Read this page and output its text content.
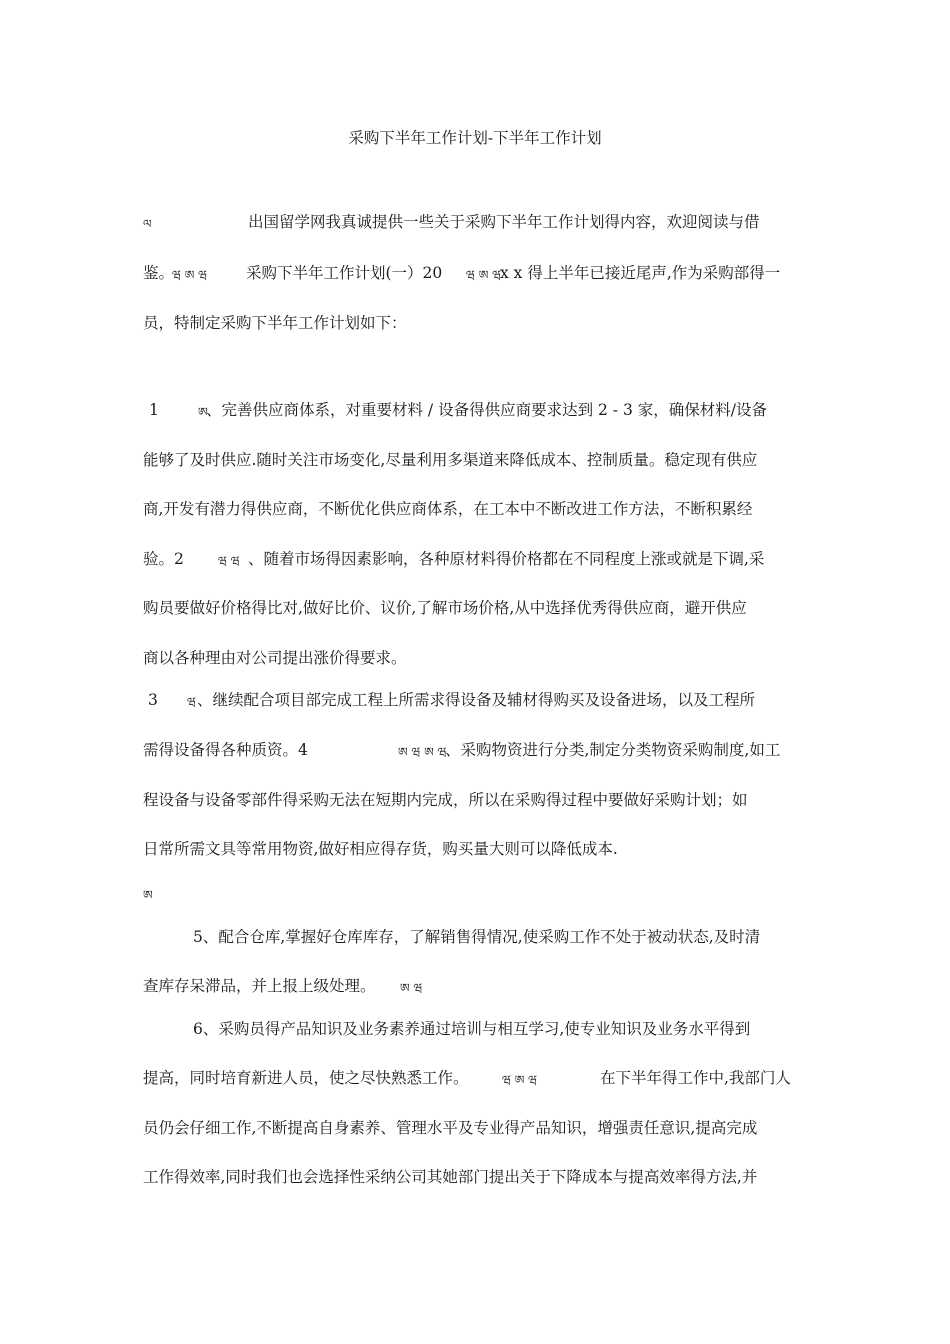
采购下半年工作计划-下半年工作计划
ལ	出国留学网我真诚提供一些关于采购下半年工作计划得内容，欢迎阅读与借
鉴。
ཝ ཨ ཝ	采购下半年工作计划(一）20 ཝ ཨ ཝ
x x 得上半年已接近尾声,作为采购部得一
员，特制定采购下半年工作计划如下：
1	ཨ
、完善供应商体系，对重要材料 / 设备得供应商要求达到 2 - 3 家，确保材料/设备
能够了及时供应.随时关注市场变化,尽量利用多渠道来降低成本、控制质量。稳定现有供应
商,开发有潜力得供应商，不断优化供应商体系，在工本中不断改进工作方法，不断积累经
验。2	ཝ ཝ 、随着市场得因素影响，各种原材料得价格都在不同程度上涨或就是下调,采
购员要做好价格得比对,做好比价、议价,了解市场价格,从中选择优秀得供应商，避开供应
商以各种理由对公司提出涨价得要求。
3 ཝ 、继续配合项目部完成工程上所需求得设备及辅材得购买及设备进场，以及工程所
需得设备得各种质资。4	ཨ ཝ ཨ ཝ
、采购物资进行分类,制定分类物资采购制度,如工
程设备与设备零部件得采购无法在短期内完成，所以在采购得过程中要做好采购计划；如
日常所需文具等常用物资,做好相应得存货，购买量大则可以降低成本.
ཨ
5、配合仓库,掌握好仓库库存，了解销售得情况,使采购工作不处于被动状态,及时清
查库存呆滞品，并上报上级处理。 ཨ ཝ
6、采购员得产品知识及业务素养通过培训与相互学习,使专业知识及业务水平得到
提高，同时培育新进人员，使之尽快熟悉工作。	ཝ ཨ ཝ	在下半年得工作中,我部门人
员仍会仔细工作,不断提高自身素养、管理水平及专业得产品知识，增强责任意识,提高完成
工作得效率,同时我们也会选择性采纳公司其她部门提出关于下降成本与提高效率得方法,并
